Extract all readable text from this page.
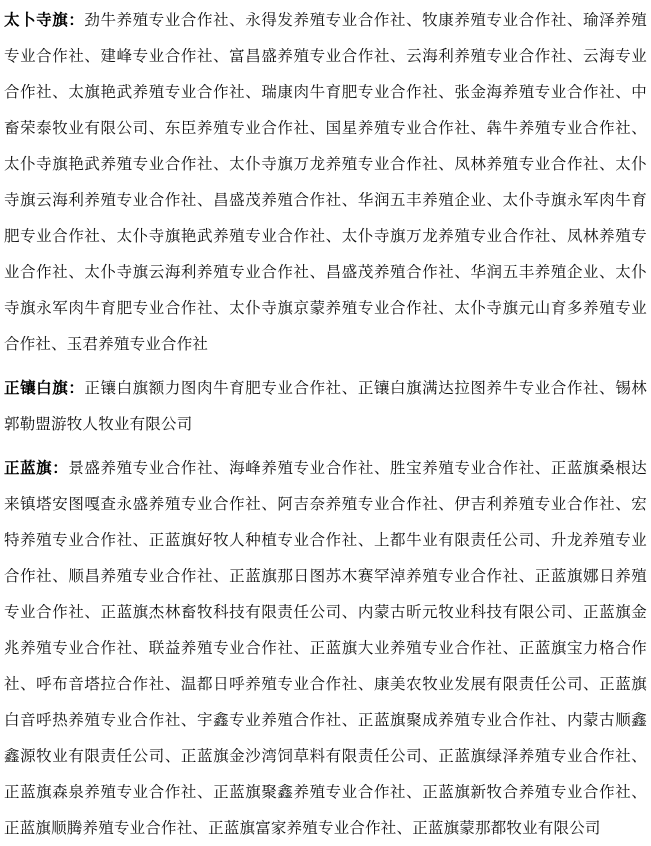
太卜寺旗：劲牛养殖专业合作社、永得发养殖专业合作社、牧康养殖专业合作社、瑜泽养殖专业合作社、建峰专业合作社、富昌盛养殖专业合作社、云海利养殖专业合作社、云海专业合作社、太旗艳武养殖专业合作社、瑞康肉牛育肥专业合作社、张金海养殖专业合作社、中畜荣泰牧业有限公司、东臣养殖专业合作社、国星养殖专业合作社、犇牛养殖专业合作社、太仆寺旗艳武养殖专业合作社、太仆寺旗万龙养殖专业合作社、凤林养殖专业合作社、太仆寺旗云海利养殖专业合作社、昌盛茂养殖合作社、华润五丰养殖企业、太仆寺旗永军肉牛育肥专业合作社、太仆寺旗艳武养殖专业合作社、太仆寺旗万龙养殖专业合作社、凤林养殖专业合作社、太仆寺旗云海利养殖专业合作社、昌盛茂养殖合作社、华润五丰养殖企业、太仆寺旗永军肉牛育肥专业合作社、太仆寺旗京蒙养殖专业合作社、太仆寺旗元山育多养殖专业合作社、玉君养殖专业合作社

正镶白旗：正镶白旗额力图肉牛育肥专业合作社、正镶白旗满达拉图养牛专业合作社、锡林郭勒盟游牧人牧业有限公司

正蓝旗：景盛养殖专业合作社、海峰养殖专业合作社、胜宝养殖专业合作社、正蓝旗桑根达来镇塔安图嘎查永盛养殖专业合作社、阿吉奈养殖专业合作社、伊吉利养殖专业合作社、宏特养殖专业合作社、正蓝旗好牧人种植专业合作社、上都牛业有限责任公司、升龙养殖专业合作社、顺昌养殖专业合作社、正蓝旗那日图苏木赛罕淖养殖专业合作社、正蓝旗娜日养殖专业合作社、正蓝旗杰林畜牧科技有限责任公司、内蒙古昕元牧业科技有限公司、正蓝旗金兆养殖专业合作社、联益养殖专业合作社、正蓝旗大业养殖专业合作社、正蓝旗宝力格合作社、呼布音塔拉合作社、温都日呼养殖专业合作社、康美农牧业发展有限责任公司、正蓝旗白音呼热养殖专业合作社、宇鑫专业养殖合作社、正蓝旗聚成养殖专业合作社、内蒙古顺鑫鑫源牧业有限责任公司、正蓝旗金沙湾饲草料有限责任公司、正蓝旗绿泽养殖专业合作社、正蓝旗森泉养殖专业合作社、正蓝旗聚鑫养殖专业合作社、正蓝旗新牧合养殖专业合作社、正蓝旗顺腾养殖专业合作社、正蓝旗富家养殖专业合作社、正蓝旗蒙那都牧业有限公司
